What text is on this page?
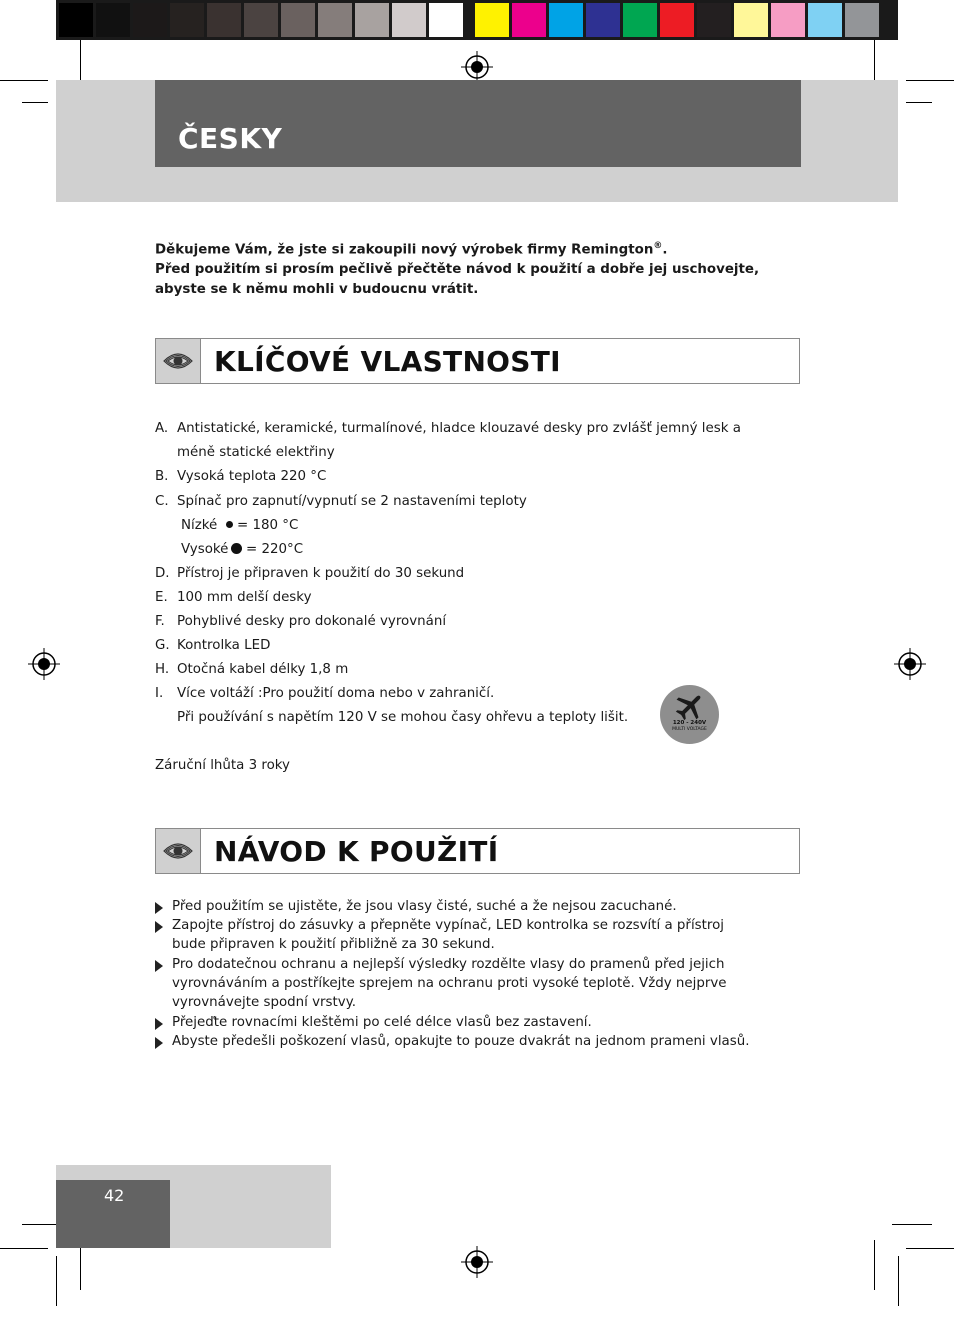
ČESKY
Děkujeme Vám, že jste si zakoupili nový výrobek firmy Remington®.
Před použitím si prosím pečlivě přečtěte návod k použití a dobře jej uschovejte,
abyste se k němu mohli v budoucnu vrátit.
KLÍČOVÉ VLASTNOSTI
A. Antistatické, keramické, turmalínové, hladce klouzavé desky pro zvlášť jemný lesk a
méně statické elektřiny
B. Vysoká teplota 220 °C
C. Spínač pro zapnutí/vypnutí se 2 nastaveními teploty
Nízké = 180 °C
Vysoké = 220°C
D. Přístroj je připraven k použití do 30 sekund
E. 100 mm delší desky
F. Pohyblivé desky pro dokonalé vyrovnání
G. Kontrolka LED
H. Otočná kabel délky 1,8 m
I. Více voltáží :Pro použití doma nebo v zahraničí.
Při používání s napětím 120 V se mohou časy ohřevu a teploty lišit.	120 - 240V
MULTI VOLTAGE
Záruční lhůta 3 roky
NÁVOD K POUŽITÍ
Před použitím se ujistěte, že jsou vlasy čisté, suché a že nejsou zacuchané.
Zapojte přístroj do zásuvky a přepněte vypínač, LED kontrolka se rozsvítí a přístroj
bude připraven k použití přibližně za 30 sekund.
Pro dodatečnou ochranu a nejlepší výsledky rozdělte vlasy do pramenů před jejich
vyrovnáváním a postříkejte sprejem na ochranu proti vysoké teplotě. Vždy nejprve
vyrovnávejte spodní vrstvy.
Přejeďte rovnacími kleštěmi po celé délce vlasů bez zastavení.
Abyste předešli poškození vlasů, opakujte to pouze dvakrát na jednom prameni vlasů.
42
